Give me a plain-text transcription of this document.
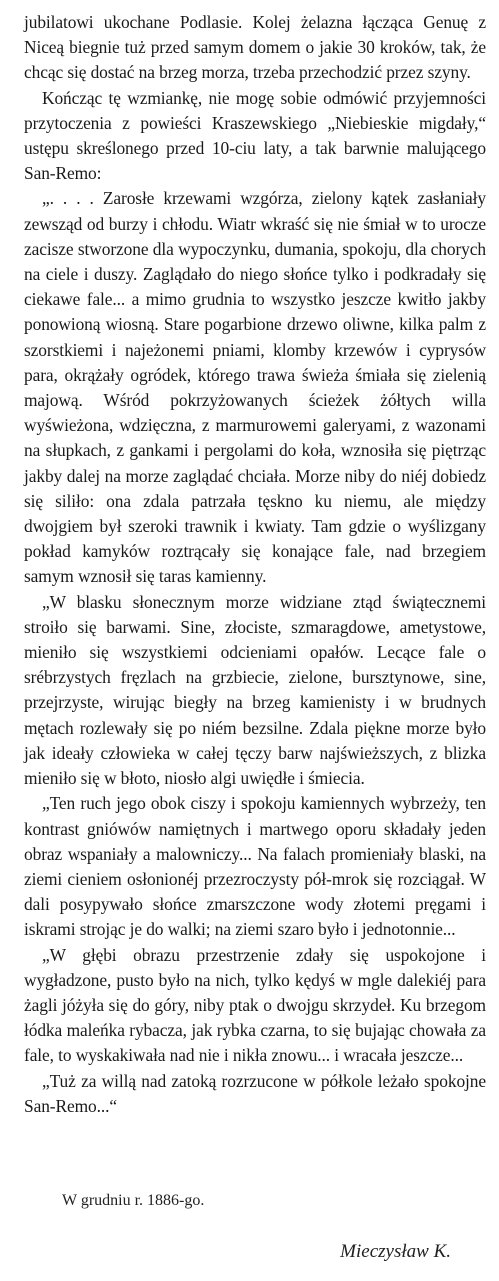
jubilatowi ukochane Podlasie. Kolej żelazna łącząca Genuę z Niceą biegnie tuż przed samym domem o jakie 30 kroków, tak, że chcąc się dostać na brzeg morza, trzeba przechodzić przez szyny.

Kończąc tę wzmiankę, nie mogę sobie odmówić przyjemności przytoczenia z powieści Kraszewskiego „Niebieskie migdały,“ ustępu skreślonego przed 10-ciu laty, a tak barwnie malującego San-Remo:

„. . . . Zarosłe krzewami wzgórza, zielony kątek zasłaniały zewsząd od burzy i chłodu. Wiatr wkraść się nie śmiał w to urocze zacisze stworzone dla wypoczynku, dumania, spokoju, dla chorych na ciele i duszy. Zaglądało do niego słońce tylko i podkradały się ciekawe fale... a mimo grudnia to wszystko jeszcze kwitło jakby ponowioną wiosną. Stare pogarbione drzewo oliwne, kilka palm z szorstkiemi i najeżonemi pniami, klomby krzewów i cyprysów para, okrążały ogródek, którego trawa świeża śmiała się zielenią majową. Wśród pokrzyżowanych ścieżek żółtych willa wyświeżona, wdzięczna, z marmurowemi galeryami, z wazonami na słupkach, z gankami i pergolami do koła, wznosiła się piętrząc jakby dalej na morze zaglądać chciała. Morze niby do niéj dobiedz się siliło: ona zdala patrzała tęskno ku niemu, ale między dwojgiem był szeroki trawnik i kwiaty. Tam gdzie o wyślizgany pokład kamyków roztrącały się konające fale, nad brzegiem samym wznosił się taras kamienny.

„W blasku słonecznym morze widziane ztąd świątecznemi stroiło się barwami. Sine, złociste, szmaragdowe, ametystowe, mieniło się wszystkiemi odcieniami opałów. Lecące fale o srébrzystych fręzlach na grzbiecie, zielone, bursztynowe, sine, przejrzyste, wirując biegły na brzeg kamienisty i w brudnych mętach rozlewały się po niém bezsilne. Zdala piękne morze było jak ideały człowieka w całej tęczy barw najświeższych, z blizka mieniło się w błoto, niosło algi uwiędłe i śmiecia.

„Ten ruch jego obok ciszy i spokoju kamiennych wybrzeży, ten kontrast gniówów namiętnych i martwego oporu składały jeden obraz wspaniały a malowniczy... Na falach promieniały blaski, na ziemi cieniem osłonionéj przezroczysty pół-mrok się rozciągał. W dali posypywało słońce zmarszczone wody złotemi pręgami i iskrami strojąc je do walki; na ziemi szaro było i jednotonnie...

„W głębi obrazu przestrzenie zdały się uspokojone i wygładzone, pusto było na nich, tylko kędyś w mgle dalekiéj para żagli jóżyła się do góry, niby ptak o dwojgu skrzydeł. Ku brzegom łódka maleńka rybacza, jak rybka czarna, to się bujając chowała za fale, to wyskakiwała nad nie i nikła znowu... i wracała jeszcze...

„Tuż za willą nad zatoką rozrzucone w półkole leżało spokojne San-Remo...“

W grudniu r. 1886-go.
Mieczysław K.
